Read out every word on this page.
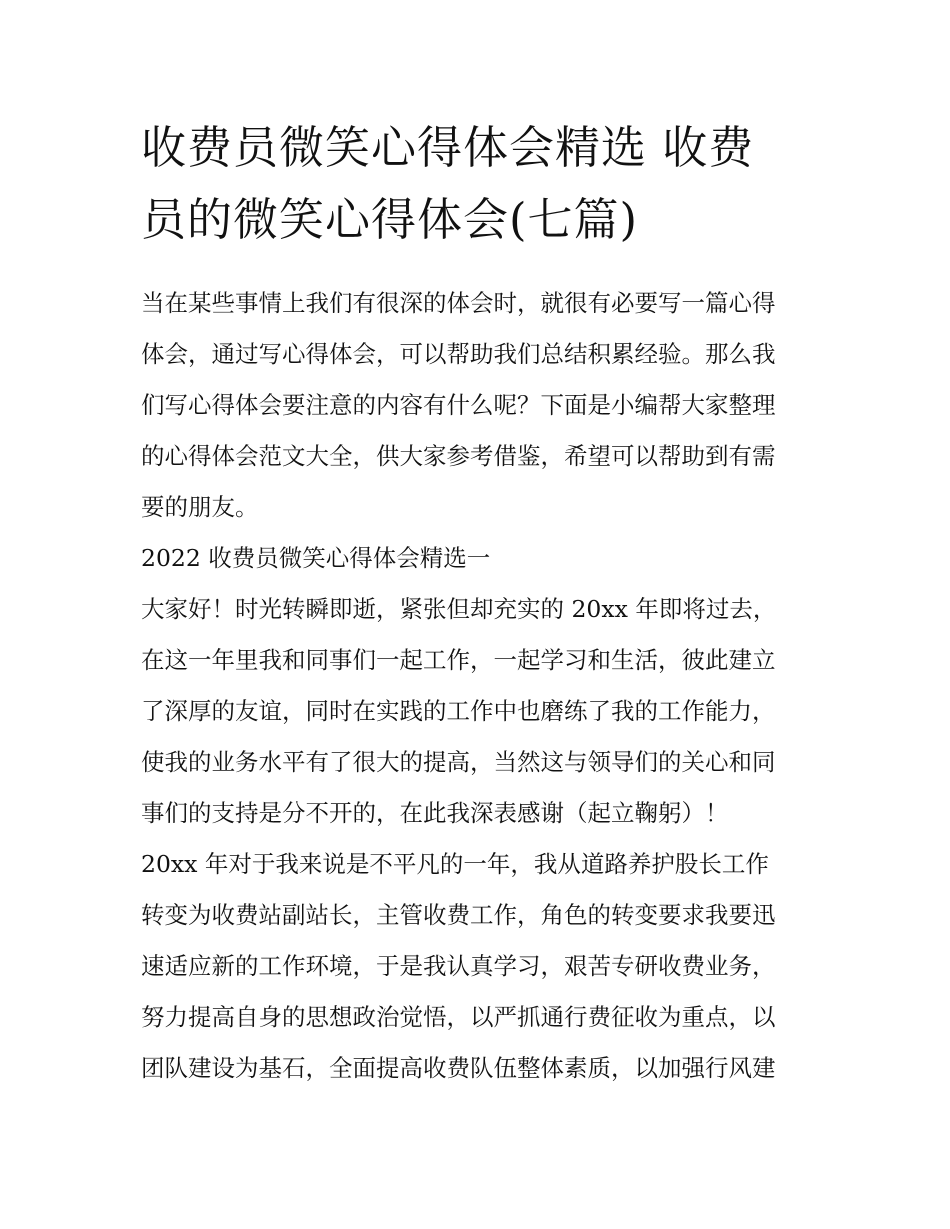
收费员微笑心得体会精选 收费
员的微笑心得体会(七篇)

当在某些事情上我们有很深的体会时，就很有必要写一篇心得
体会，通过写心得体会，可以帮助我们总结积累经验。那么我
们写心得体会要注意的内容有什么呢？下面是小编帮大家整理
的心得体会范文大全，供大家参考借鉴，希望可以帮助到有需
要的朋友。

2022 收费员微笑心得体会精选一

大家好！时光转瞬即逝，紧张但却充实的 20xx 年即将过去，
在这一年里我和同事们一起工作，一起学习和生活，彼此建立
了深厚的友谊，同时在实践的工作中也磨练了我的工作能力，
使我的业务水平有了很大的提高，当然这与领导们的关心和同
事们的支持是分不开的，在此我深表感谢（起立鞠躬）！

20xx 年对于我来说是不平凡的一年，我从道路养护股长工作
转变为收费站副站长，主管收费工作，角色的转变要求我要迅
速适应新的工作环境，于是我认真学习，艰苦专研收费业务，
努力提高自身的思想政治觉悟，以严抓通行费征收为重点，以
团队建设为基石，全面提高收费队伍整体素质，以加强行风建
